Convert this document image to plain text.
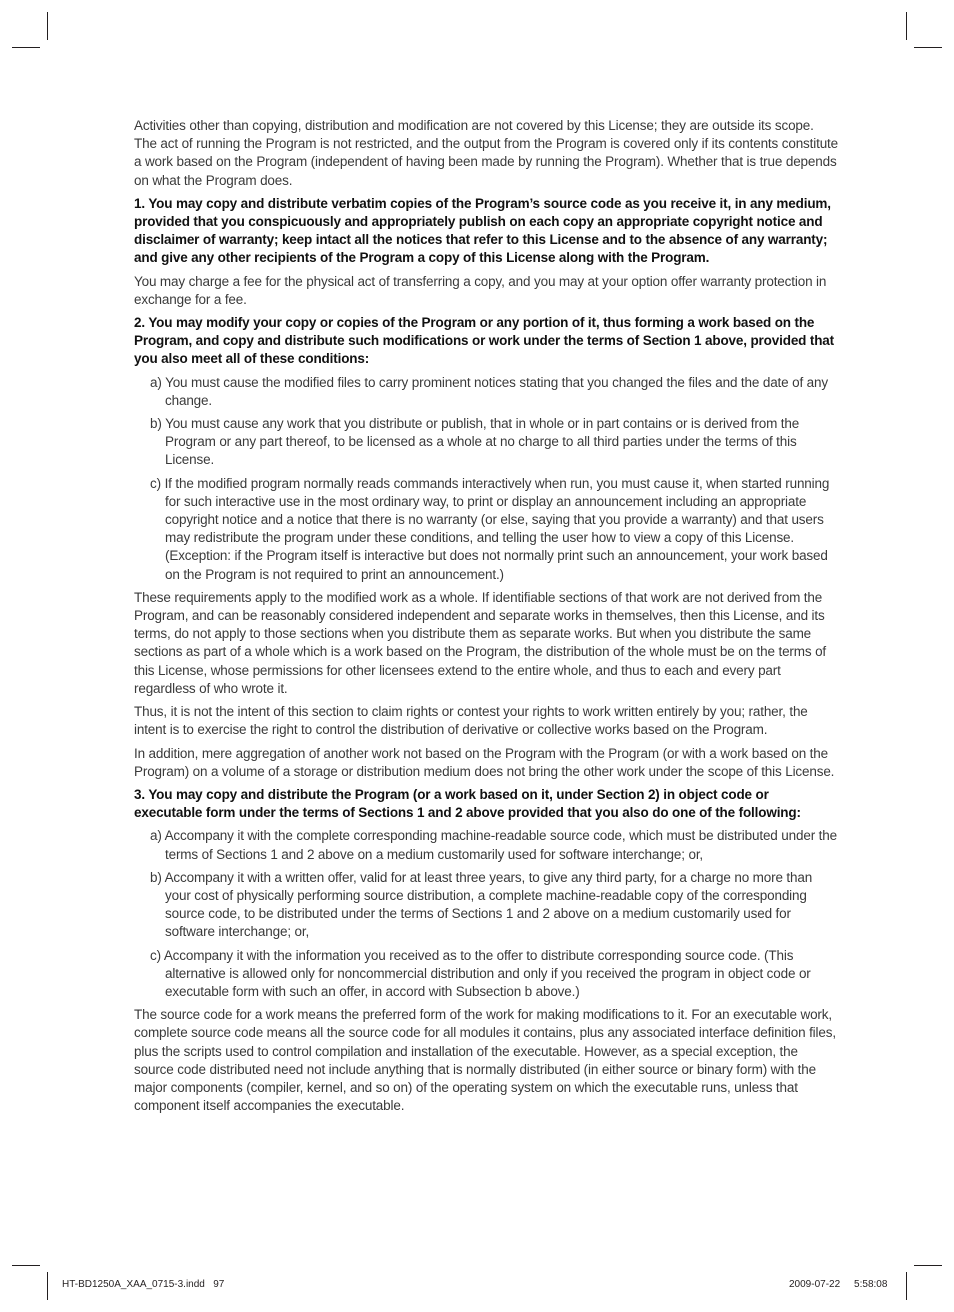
Activities other than copying, distribution and modification are not covered by this License; they are outside its scope. The act of running the Program is not restricted, and the output from the Program is covered only if its contents constitute a work based on the Program (independent of having been made by running the Program). Whether that is true depends on what the Program does.

1. You may copy and distribute verbatim copies of the Program’s source code as you receive it, in any medium, provided that you conspicuously and appropriately publish on each copy an appropriate copyright notice and disclaimer of warranty; keep intact all the notices that refer to this License and to the absence of any warranty; and give any other recipients of the Program a copy of this License along with the Program.

You may charge a fee for the physical act of transferring a copy, and you may at your option offer warranty protection in exchange for a fee.

2. You may modify your copy or copies of the Program or any portion of it, thus forming a work based on the Program, and copy and distribute such modifications or work under the terms of Section 1 above, provided that you also meet all of these conditions:

a) You must cause the modified files to carry prominent notices stating that you changed the files and the date of any change.
b) You must cause any work that you distribute or publish, that in whole or in part contains or is derived from the Program or any part thereof, to be licensed as a whole at no charge to all third parties under the terms of this License.
c) If the modified program normally reads commands interactively when run, you must cause it, when started running for such interactive use in the most ordinary way, to print or display an announcement including an appropriate copyright notice and a notice that there is no warranty (or else, saying that you provide a warranty) and that users may redistribute the program under these conditions, and telling the user how to view a copy of this License. (Exception: if the Program itself is interactive but does not normally print such an announcement, your work based on the Program is not required to print an announcement.)

These requirements apply to the modified work as a whole. If identifiable sections of that work are not derived from the Program, and can be reasonably considered independent and separate works in themselves, then this License, and its terms, do not apply to those sections when you distribute them as separate works. But when you distribute the same sections as part of a whole which is a work based on the Program, the distribution of the whole must be on the terms of this License, whose permissions for other licensees extend to the entire whole, and thus to each and every part regardless of who wrote it.

Thus, it is not the intent of this section to claim rights or contest your rights to work written entirely by you; rather, the intent is to exercise the right to control the distribution of derivative or collective works based on the Program.

In addition, mere aggregation of another work not based on the Program with the Program (or with a work based on the Program) on a volume of a storage or distribution medium does not bring the other work under the scope of this License.

3. You may copy and distribute the Program (or a work based on it, under Section 2) in object code or executable form under the terms of Sections 1 and 2 above provided that you also do one of the following:

a) Accompany it with the complete corresponding machine-readable source code, which must be distributed under the terms of Sections 1 and 2 above on a medium customarily used for software interchange; or,
b) Accompany it with a written offer, valid for at least three years, to give any third party, for a charge no more than your cost of physically performing source distribution, a complete machine-readable copy of the corresponding source code, to be distributed under the terms of Sections 1 and 2 above on a medium customarily used for software interchange; or,
c) Accompany it with the information you received as to the offer to distribute corresponding source code. (This alternative is allowed only for noncommercial distribution and only if you received the program in object code or executable form with such an offer, in accord with Subsection b above.)

The source code for a work means the preferred form of the work for making modifications to it. For an executable work, complete source code means all the source code for all modules it contains, plus any associated interface definition files, plus the scripts used to control compilation and installation of the executable. However, as a special exception, the source code distributed need not include anything that is normally distributed (in either source or binary form) with the major components (compiler, kernel, and so on) of the operating system on which the executable runs, unless that component itself accompanies the executable.

HT-BD1250A_XAA_0715-3.indd   97	2009-07-22     5:58:08
